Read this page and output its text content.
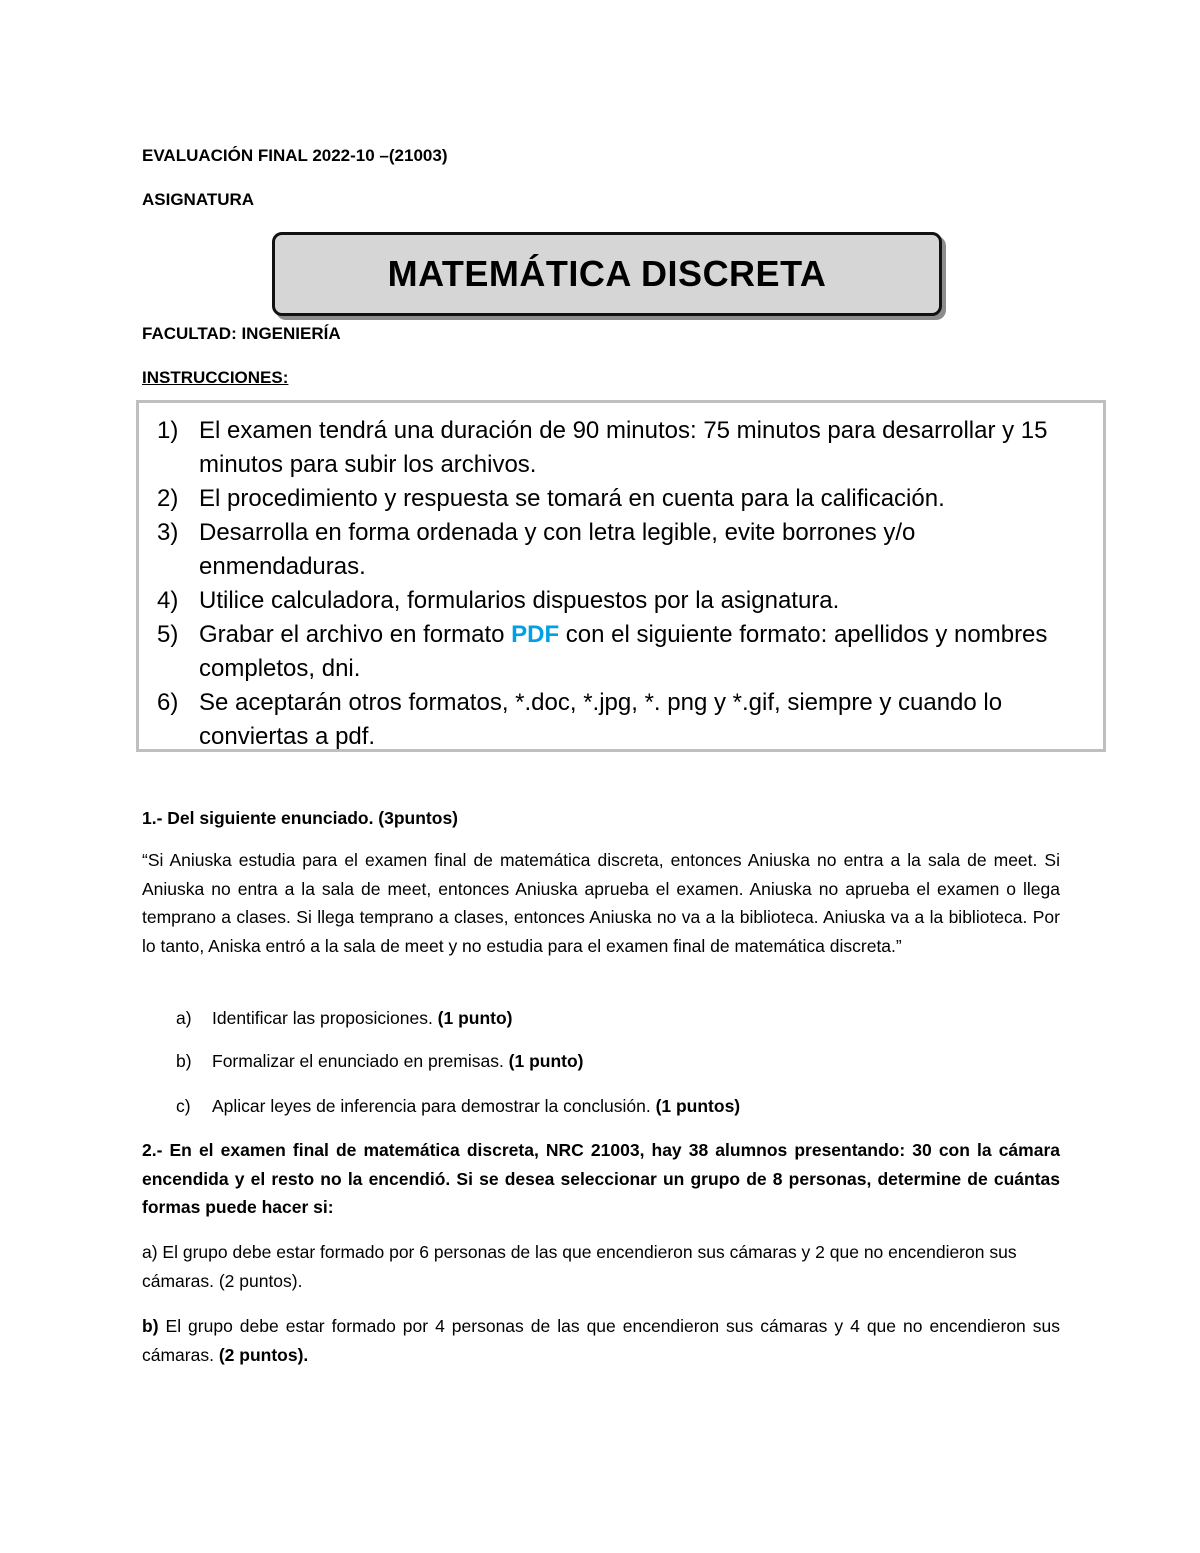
EVALUACIÓN FINAL 2022-10 –(21003)
ASIGNATURA
MATEMÁTICA DISCRETA
FACULTAD: INGENIERÍA
INSTRUCCIONES:
1) El examen tendrá una duración de 90 minutos: 75 minutos para desarrollar y 15 minutos para subir los archivos.
2) El procedimiento y respuesta se tomará en cuenta para la calificación.
3) Desarrolla en forma ordenada y con letra legible, evite borrones y/o enmendaduras.
4) Utilice calculadora, formularios dispuestos por la asignatura.
5) Grabar el archivo en formato PDF con el siguiente formato: apellidos y nombres completos, dni.
6) Se aceptarán otros formatos, *.doc, *.jpg, *. png y *.gif, siempre y cuando lo conviertas a pdf.
1.- Del siguiente enunciado. (3puntos)
“Si Aniuska estudia para el examen final de matemática discreta, entonces Aniuska no entra a la sala de meet. Si Aniuska no entra a la sala de meet, entonces Aniuska aprueba el examen. Aniuska no aprueba el examen o llega temprano a clases. Si llega temprano a clases, entonces Aniuska no va a la biblioteca. Aniuska va a la biblioteca. Por lo tanto, Aniska entró a la sala de meet y no estudia para el examen final de matemática discreta.”
a) Identificar las proposiciones. (1 punto)
b) Formalizar el enunciado en premisas. (1 punto)
c) Aplicar leyes de inferencia para demostrar la conclusión. (1 puntos)
2.- En el examen final de matemática discreta, NRC 21003, hay 38 alumnos presentando: 30 con la cámara encendida y el resto no la encendió. Si se desea seleccionar un grupo de 8 personas, determine de cuántas formas puede hacer si:
a) El grupo debe estar formado por 6 personas de las que encendieron sus cámaras y 2 que no encendieron sus cámaras. (2 puntos).
b) El grupo debe estar formado por 4 personas de las que encendieron sus cámaras y 4 que no encendieron sus cámaras. (2 puntos).
